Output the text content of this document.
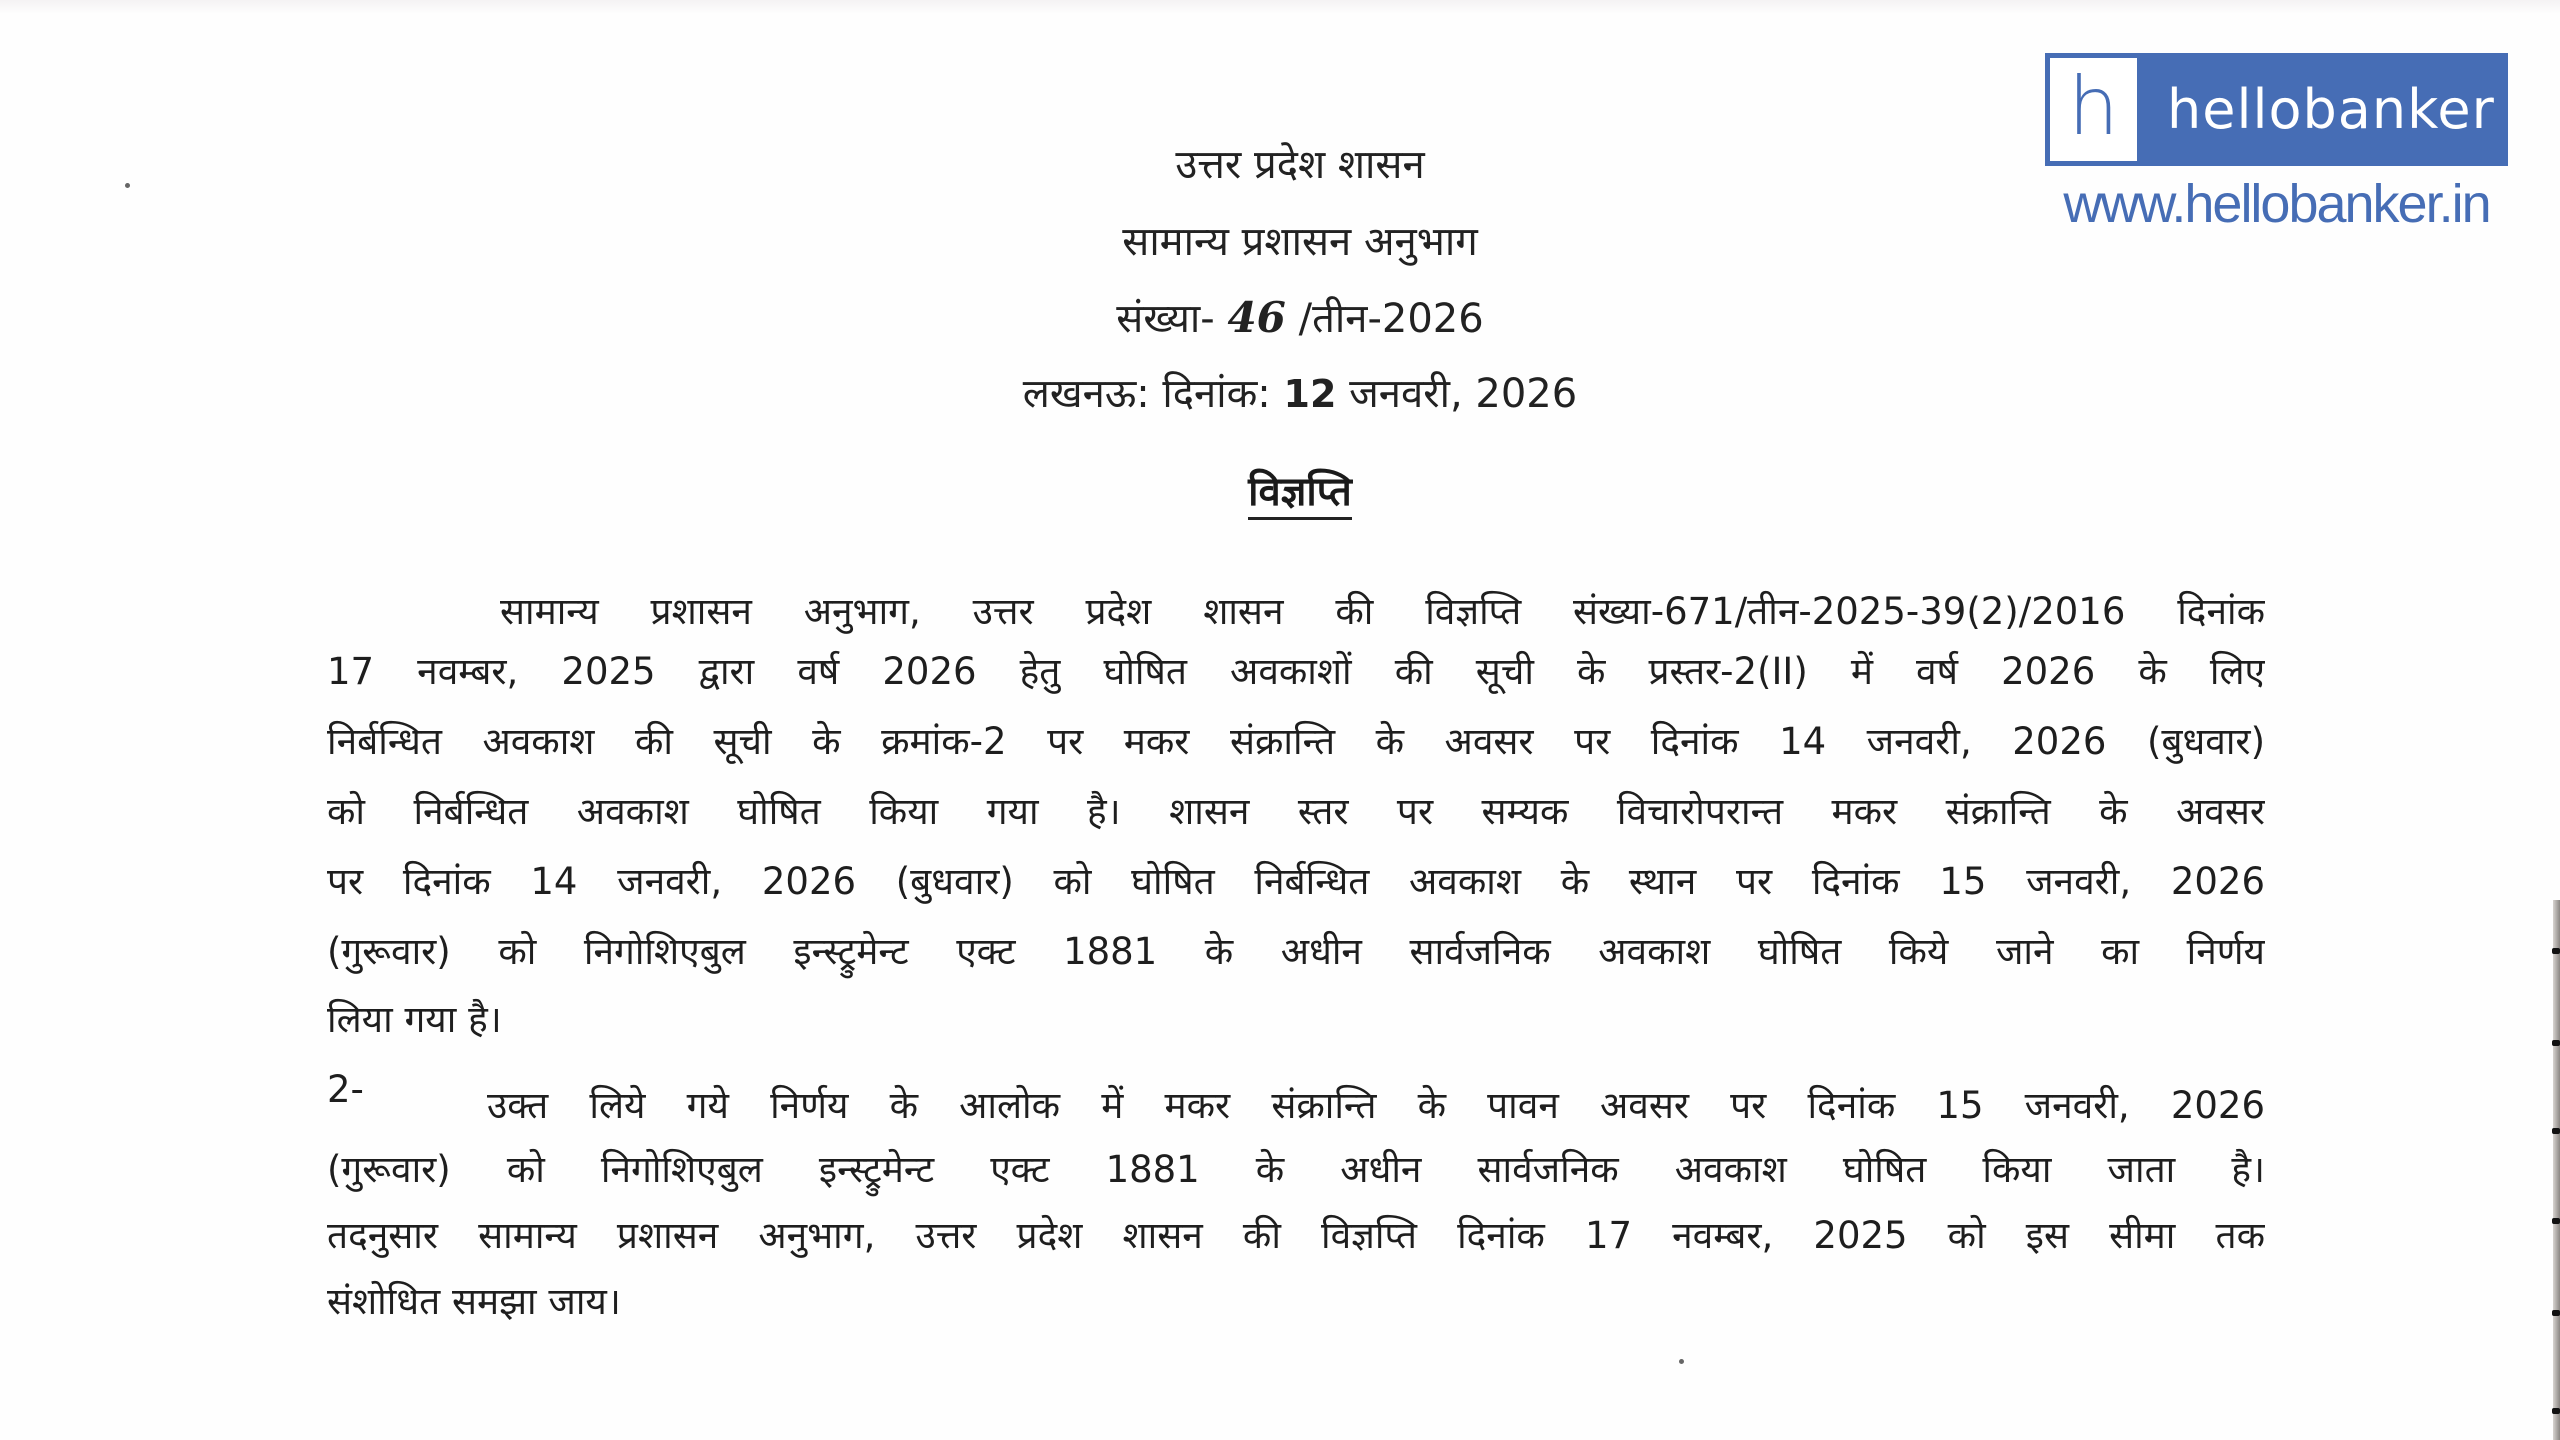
h hellobanker
www.hellobanker.in
उत्तर प्रदेश शासन
सामान्य प्रशासन अनुभाग
संख्या- 46 /तीन-2026
लखनऊ: दिनांक: 12 जनवरी, 2026
विज्ञप्ति
सामान्य प्रशासन अनुभाग, उत्तर प्रदेश शासन की विज्ञप्ति संख्या-671/तीन-2025-39(2)/2016 दिनांक
17 नवम्बर, 2025 द्वारा वर्ष 2026 हेतु घोषित अवकाशों की सूची के प्रस्तर-2(II) में वर्ष 2026 के लिए
निर्बन्धित अवकाश की सूची के क्रमांक-2 पर मकर संक्रान्ति के अवसर पर दिनांक 14 जनवरी, 2026 (बुधवार)
को निर्बन्धित अवकाश घोषित किया गया है। शासन स्तर पर सम्यक विचारोपरान्त मकर संक्रान्ति के अवसर
पर दिनांक 14 जनवरी, 2026 (बुधवार) को घोषित निर्बन्धित अवकाश के स्थान पर दिनांक 15 जनवरी, 2026
(गुरूवार) को निगोशिएबुल इन्स्ट्रुमेन्ट एक्ट 1881 के अधीन सार्वजनिक अवकाश घोषित किये जाने का निर्णय
लिया गया है।
2-	उक्त लिये गये निर्णय के आलोक में मकर संक्रान्ति के पावन अवसर पर दिनांक 15 जनवरी, 2026
(गुरूवार) को निगोशिएबुल इन्स्ट्रुमेन्ट एक्ट 1881 के अधीन सार्वजनिक अवकाश घोषित किया जाता है।
तदनुसार सामान्य प्रशासन अनुभाग, उत्तर प्रदेश शासन की विज्ञप्ति दिनांक 17 नवम्बर, 2025 को इस सीमा तक
संशोधित समझा जाय।
